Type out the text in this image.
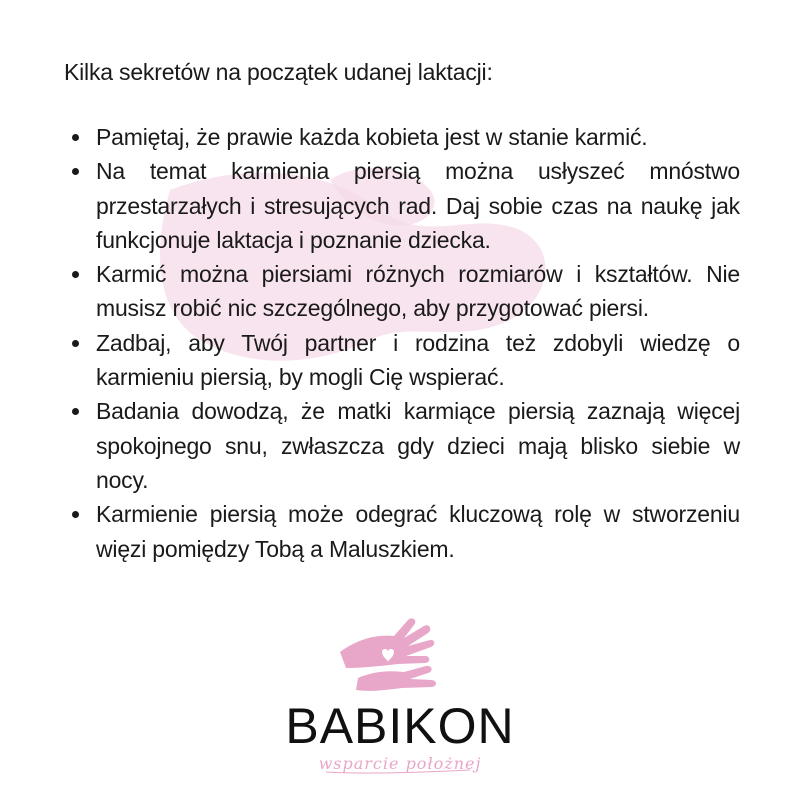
Kilka sekretów na początek udanej laktacji:
Pamiętaj, że prawie każda kobieta jest w stanie karmić.
Na temat karmienia piersią można usłyszeć mnóstwo przestarzałych i stresujących rad. Daj sobie czas na naukę jak funkcjonuje laktacja i poznanie dziecka.
Karmić można piersiami różnych rozmiarów i kształtów. Nie musisz robić nic szczególnego, aby przygotować piersi.
Zadbaj, aby Twój partner i rodzina też zdobyli wiedzę o karmieniu piersią, by mogli Cię wspierać.
Badania dowodzą, że matki karmiące piersią zaznają więcej spokojnego snu, zwłaszcza gdy dzieci mają blisko siebie w nocy.
Karmienie piersią może odegrać kluczową rolę w stworzeniu więzi pomiędzy Tobą a Maluszkiem.
BABIKON
wsparcie położnej
